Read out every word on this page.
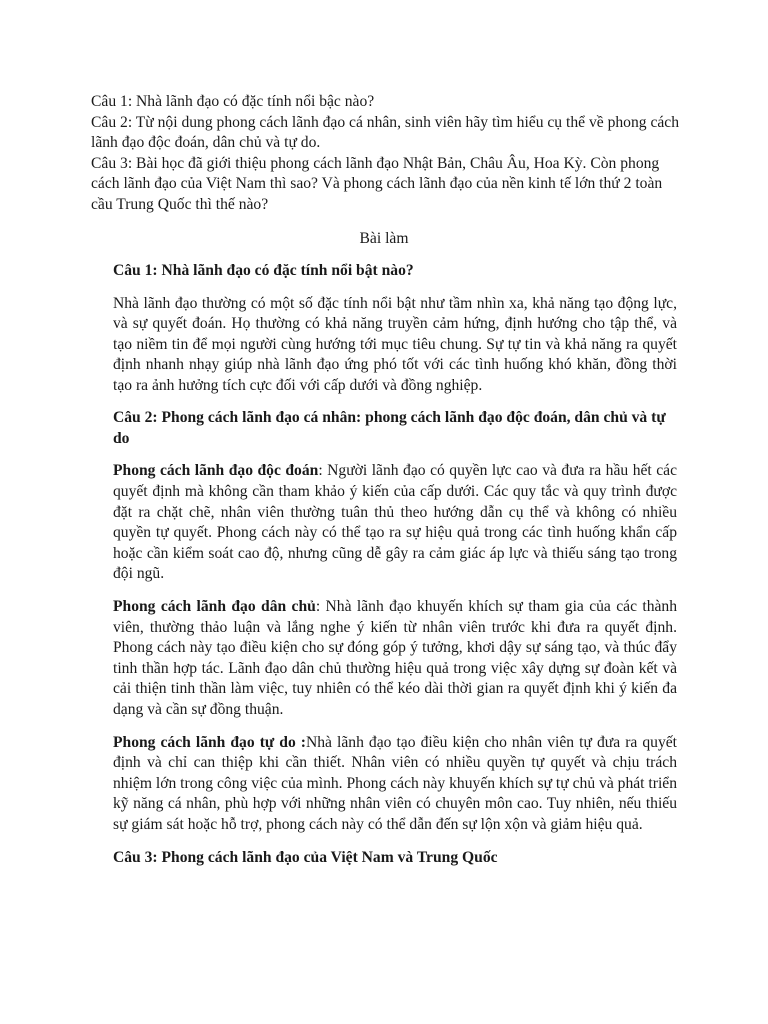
Câu 1: Nhà lãnh đạo có đặc tính nổi bậc nào?

Câu 2: Từ nội dung phong cách lãnh đạo cá nhân, sinh viên hãy tìm hiểu cụ thể về phong cách lãnh đạo độc đoán, dân chủ và tự do.

Câu 3: Bài học đã giới thiệu phong cách lãnh đạo Nhật Bản, Châu Âu, Hoa Kỳ. Còn phong cách lãnh đạo của Việt Nam thì sao? Và phong cách lãnh đạo của nền kinh tế lớn thứ 2 toàn cầu Trung Quốc thì thế nào?

Bài làm
Câu 1: Nhà lãnh đạo có đặc tính nổi bật nào?

Nhà lãnh đạo thường có một số đặc tính nổi bật như tầm nhìn xa, khả năng tạo động lực, và sự quyết đoán. Họ thường có khả năng truyền cảm hứng, định hướng cho tập thể, và tạo niềm tin để mọi người cùng hướng tới mục tiêu chung. Sự tự tin và khả năng ra quyết định nhanh nhạy giúp nhà lãnh đạo ứng phó tốt với các tình huống khó khăn, đồng thời tạo ra ảnh hưởng tích cực đối với cấp dưới và đồng nghiệp.

Câu 2: Phong cách lãnh đạo cá nhân: phong cách lãnh đạo độc đoán, dân chủ và tự do

Phong cách lãnh đạo độc đoán: Người lãnh đạo có quyền lực cao và đưa ra hầu hết các quyết định mà không cần tham khảo ý kiến của cấp dưới. Các quy tắc và quy trình được đặt ra chặt chẽ, nhân viên thường tuân thủ theo hướng dẫn cụ thể và không có nhiều quyền tự quyết. Phong cách này có thể tạo ra sự hiệu quả trong các tình huống khẩn cấp hoặc cần kiểm soát cao độ, nhưng cũng dễ gây ra cảm giác áp lực và thiếu sáng tạo trong đội ngũ.

Phong cách lãnh đạo dân chủ: Nhà lãnh đạo khuyến khích sự tham gia của các thành viên, thường thảo luận và lắng nghe ý kiến từ nhân viên trước khi đưa ra quyết định. Phong cách này tạo điều kiện cho sự đóng góp ý tưởng, khơi dậy sự sáng tạo, và thúc đẩy tinh thần hợp tác. Lãnh đạo dân chủ thường hiệu quả trong việc xây dựng sự đoàn kết và cải thiện tinh thần làm việc, tuy nhiên có thể kéo dài thời gian ra quyết định khi ý kiến đa dạng và cần sự đồng thuận.

Phong cách lãnh đạo tự do :Nhà lãnh đạo tạo điều kiện cho nhân viên tự đưa ra quyết định và chỉ can thiệp khi cần thiết. Nhân viên có nhiều quyền tự quyết và chịu trách nhiệm lớn trong công việc của mình. Phong cách này khuyến khích sự tự chủ và phát triển kỹ năng cá nhân, phù hợp với những nhân viên có chuyên môn cao. Tuy nhiên, nếu thiếu sự giám sát hoặc hỗ trợ, phong cách này có thể dẫn đến sự lộn xộn và giảm hiệu quả.

Câu 3: Phong cách lãnh đạo của Việt Nam và Trung Quốc
